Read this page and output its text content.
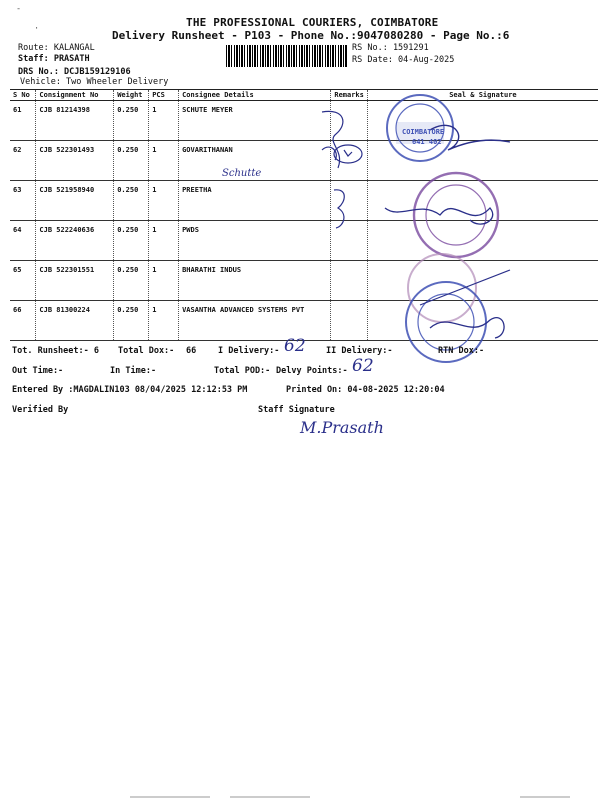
-
·	THE PROFESSIONAL COURIERS, COIMBATORE
Delivery Runsheet - P103 - Phone No.:9047080280 - Page No.:6
Route: KALANGAL
Staff: PRASATH
DRS No.: DCJB159129106
Vehicle: Two Wheeler Delivery
RS No.: 1591291
RS Date: 04-Aug-2025
S No	Consignment No	Weight	PCS	Consignee Details	Remarks	Seal & Signature
61	CJB 81214398	0.250	1	SCHUTE MEYER		
62	CJB 522301493	0.250	1	GOVARITHANAN		
63	CJB 521958940	0.250	1	PREETHA		
64	CJB 522240636	0.250	1	PWDS		
65	CJB 522301551	0.250	1	BHARATHI INDUS		
66	CJB 81300224	0.250	1	VASANTHA ADVANCED SYSTEMS PVT		
Schutte
COIMBATORE
641 402
Tot. Runsheet:- 6 Total Dox:- 66	I Delivery:- 62 II Delivery:-	RTN Dox:-
Out Time:-	In Time:-	Total POD:- Delvy Points:- 62
Entered By :MAGDALIN103 08/04/2025 12:12:53 PM	Printed On: 04-08-2025 12:20:04
Verified By	Staff Signature
M.Prasath
